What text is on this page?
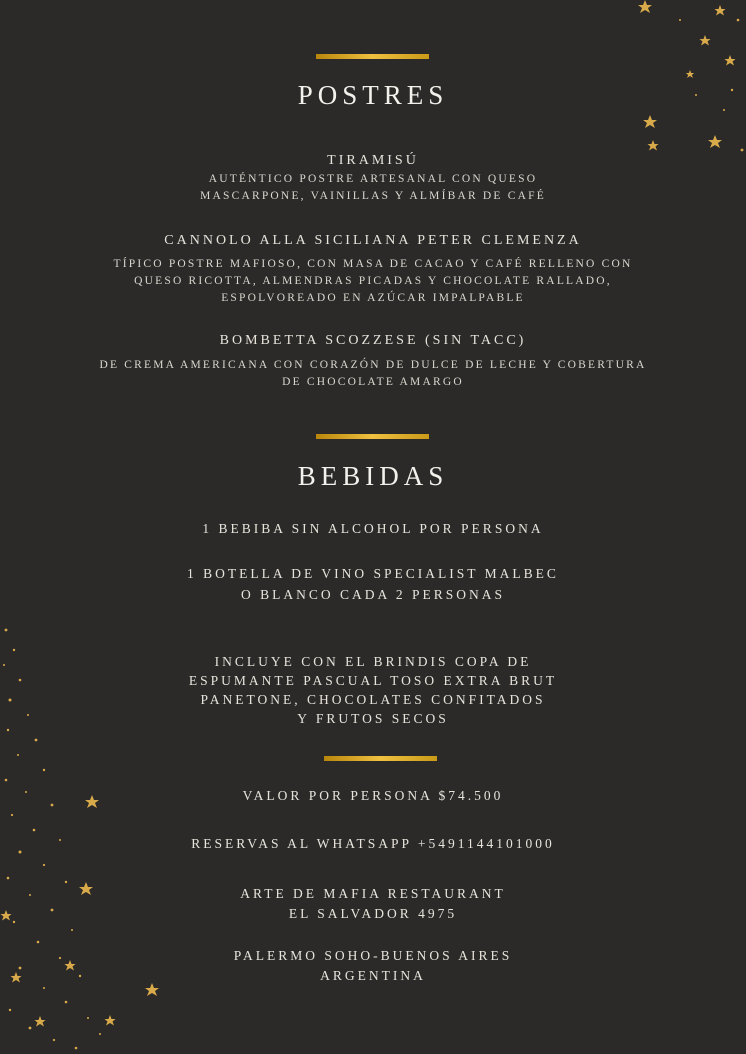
POSTRES
TIRAMISÚ
AUTÉNTICO POSTRE ARTESANAL CON QUESO
MASCARPONE, VAINILLAS Y ALMÍBAR DE CAFÉ
CANNOLO ALLA SICILIANA PETER CLEMENZA
TÍPICO POSTRE MAFIOSO, CON MASA DE CACAO Y CAFÉ RELLENO CON
QUESO RICOTTA, ALMENDRAS PICADAS Y CHOCOLATE RALLADO,
ESPOLVOREADO EN AZÚCAR IMPALPABLE
BOMBETTA SCOZZESE (SIN TACC)
DE CREMA AMERICANA CON CORAZÓN DE DULCE DE LECHE Y COBERTURA
DE CHOCOLATE AMARGO
BEBIDAS
1 BEBIBA SIN ALCOHOL POR PERSONA
1 BOTELLA DE VINO SPECIALIST MALBEC
O BLANCO CADA 2 PERSONAS
INCLUYE CON EL BRINDIS COPA DE
ESPUMANTE PASCUAL TOSO EXTRA BRUT
PANETONE, CHOCOLATES CONFITADOS
Y FRUTOS SECOS
VALOR POR PERSONA $74.500
RESERVAS AL WHATSAPP +5491144101000
ARTE DE MAFIA RESTAURANT
EL SALVADOR 4975
PALERMO SOHO-BUENOS AIRES
ARGENTINA
